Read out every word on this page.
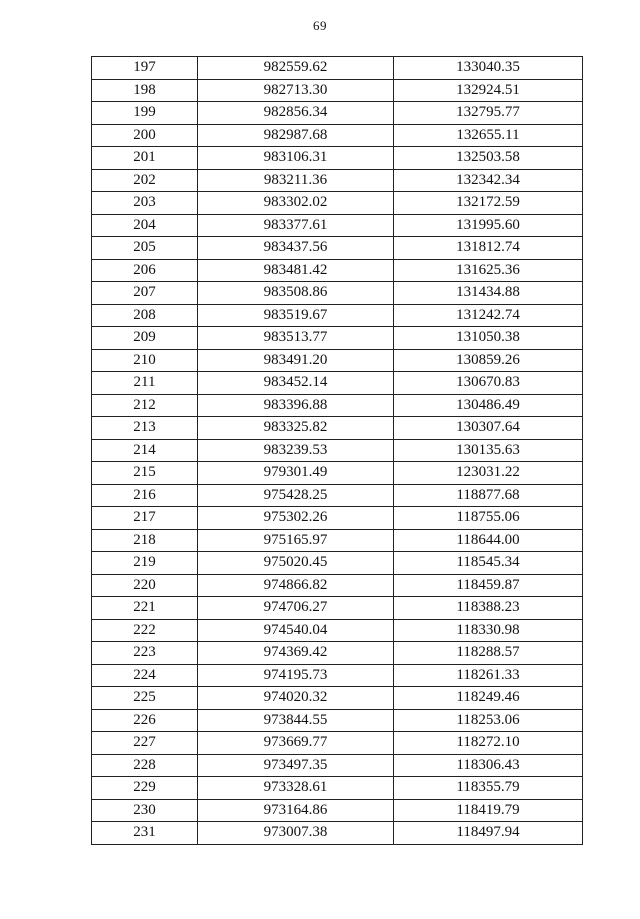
69
197	982559.62	133040.35
198	982713.30	132924.51
199	982856.34	132795.77
200	982987.68	132655.11
201	983106.31	132503.58
202	983211.36	132342.34
203	983302.02	132172.59
204	983377.61	131995.60
205	983437.56	131812.74
206	983481.42	131625.36
207	983508.86	131434.88
208	983519.67	131242.74
209	983513.77	131050.38
210	983491.20	130859.26
211	983452.14	130670.83
212	983396.88	130486.49
213	983325.82	130307.64
214	983239.53	130135.63
215	979301.49	123031.22
216	975428.25	118877.68
217	975302.26	118755.06
218	975165.97	118644.00
219	975020.45	118545.34
220	974866.82	118459.87
221	974706.27	118388.23
222	974540.04	118330.98
223	974369.42	118288.57
224	974195.73	118261.33
225	974020.32	118249.46
226	973844.55	118253.06
227	973669.77	118272.10
228	973497.35	118306.43
229	973328.61	118355.79
230	973164.86	118419.79
231	973007.38	118497.94
